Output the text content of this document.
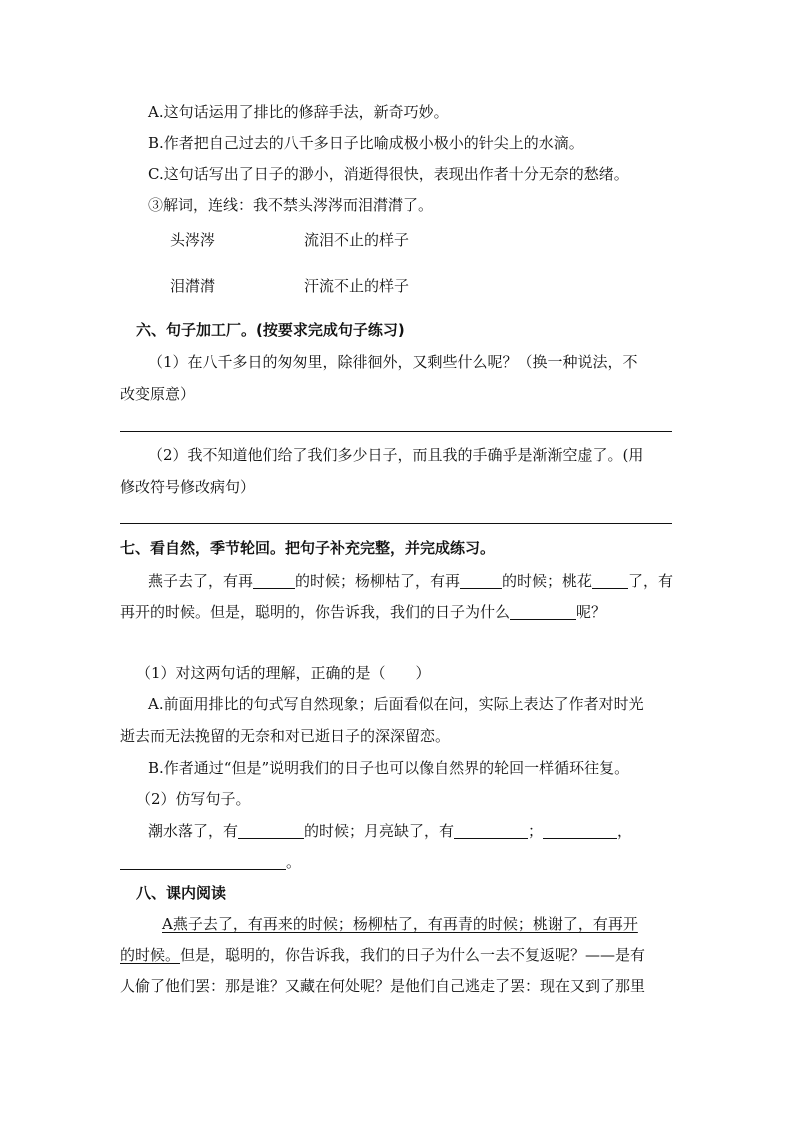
A.这句话运用了排比的修辞手法，新奇巧妙。
B.作者把自己过去的八千多日子比喻成极小极小的针尖上的水滴。
C.这句话写出了日子的渺小，消逝得很快，表现出作者十分无奈的愁绪。
③解词，连线：我不禁头涔涔而泪潸潸了。
头涔涔	流泪不止的样子
泪潸潸	汗流不止的样子
六、句子加工厂。(按要求完成句子练习)
（1）在八千多日的匆匆里，除徘徊外，又剩些什么呢？（换一种说法，不
改变原意）
（2）我不知道他们给了我们多少日子，而且我的手确乎是渐渐空虚了。(用
修改符号修改病句）
七、看自然，季节轮回。把句子补充完整，并完成练习。
燕子去了，有再	的时候；杨柳枯了，有再	的时候；桃花 了，有
再开的时候。但是，聪明的，你告诉我，我们的日子为什么	呢？
（1）对这两句话的理解，正确的是（　　）
A.前面用排比的句式写自然现象；后面看似在问，实际上表达了作者对时光
逝去而无法挽留的无奈和对已逝日子的深深留恋。
B.作者通过“但是”说明我们的日子也可以像自然界的轮回一样循环往复。
（2）仿写句子。
潮水落了，有	的时候；月亮缺了，有	；	，
。
八、课内阅读
A燕子去了，有再来的时候；杨柳枯了，有再青的时候；桃谢了，有再开
的时候。但是，聪明的，你告诉我，我们的日子为什么一去不复返呢？——是有
人偷了他们罢：那是谁？又藏在何处呢？是他们自己逃走了罢：现在又到了那里
